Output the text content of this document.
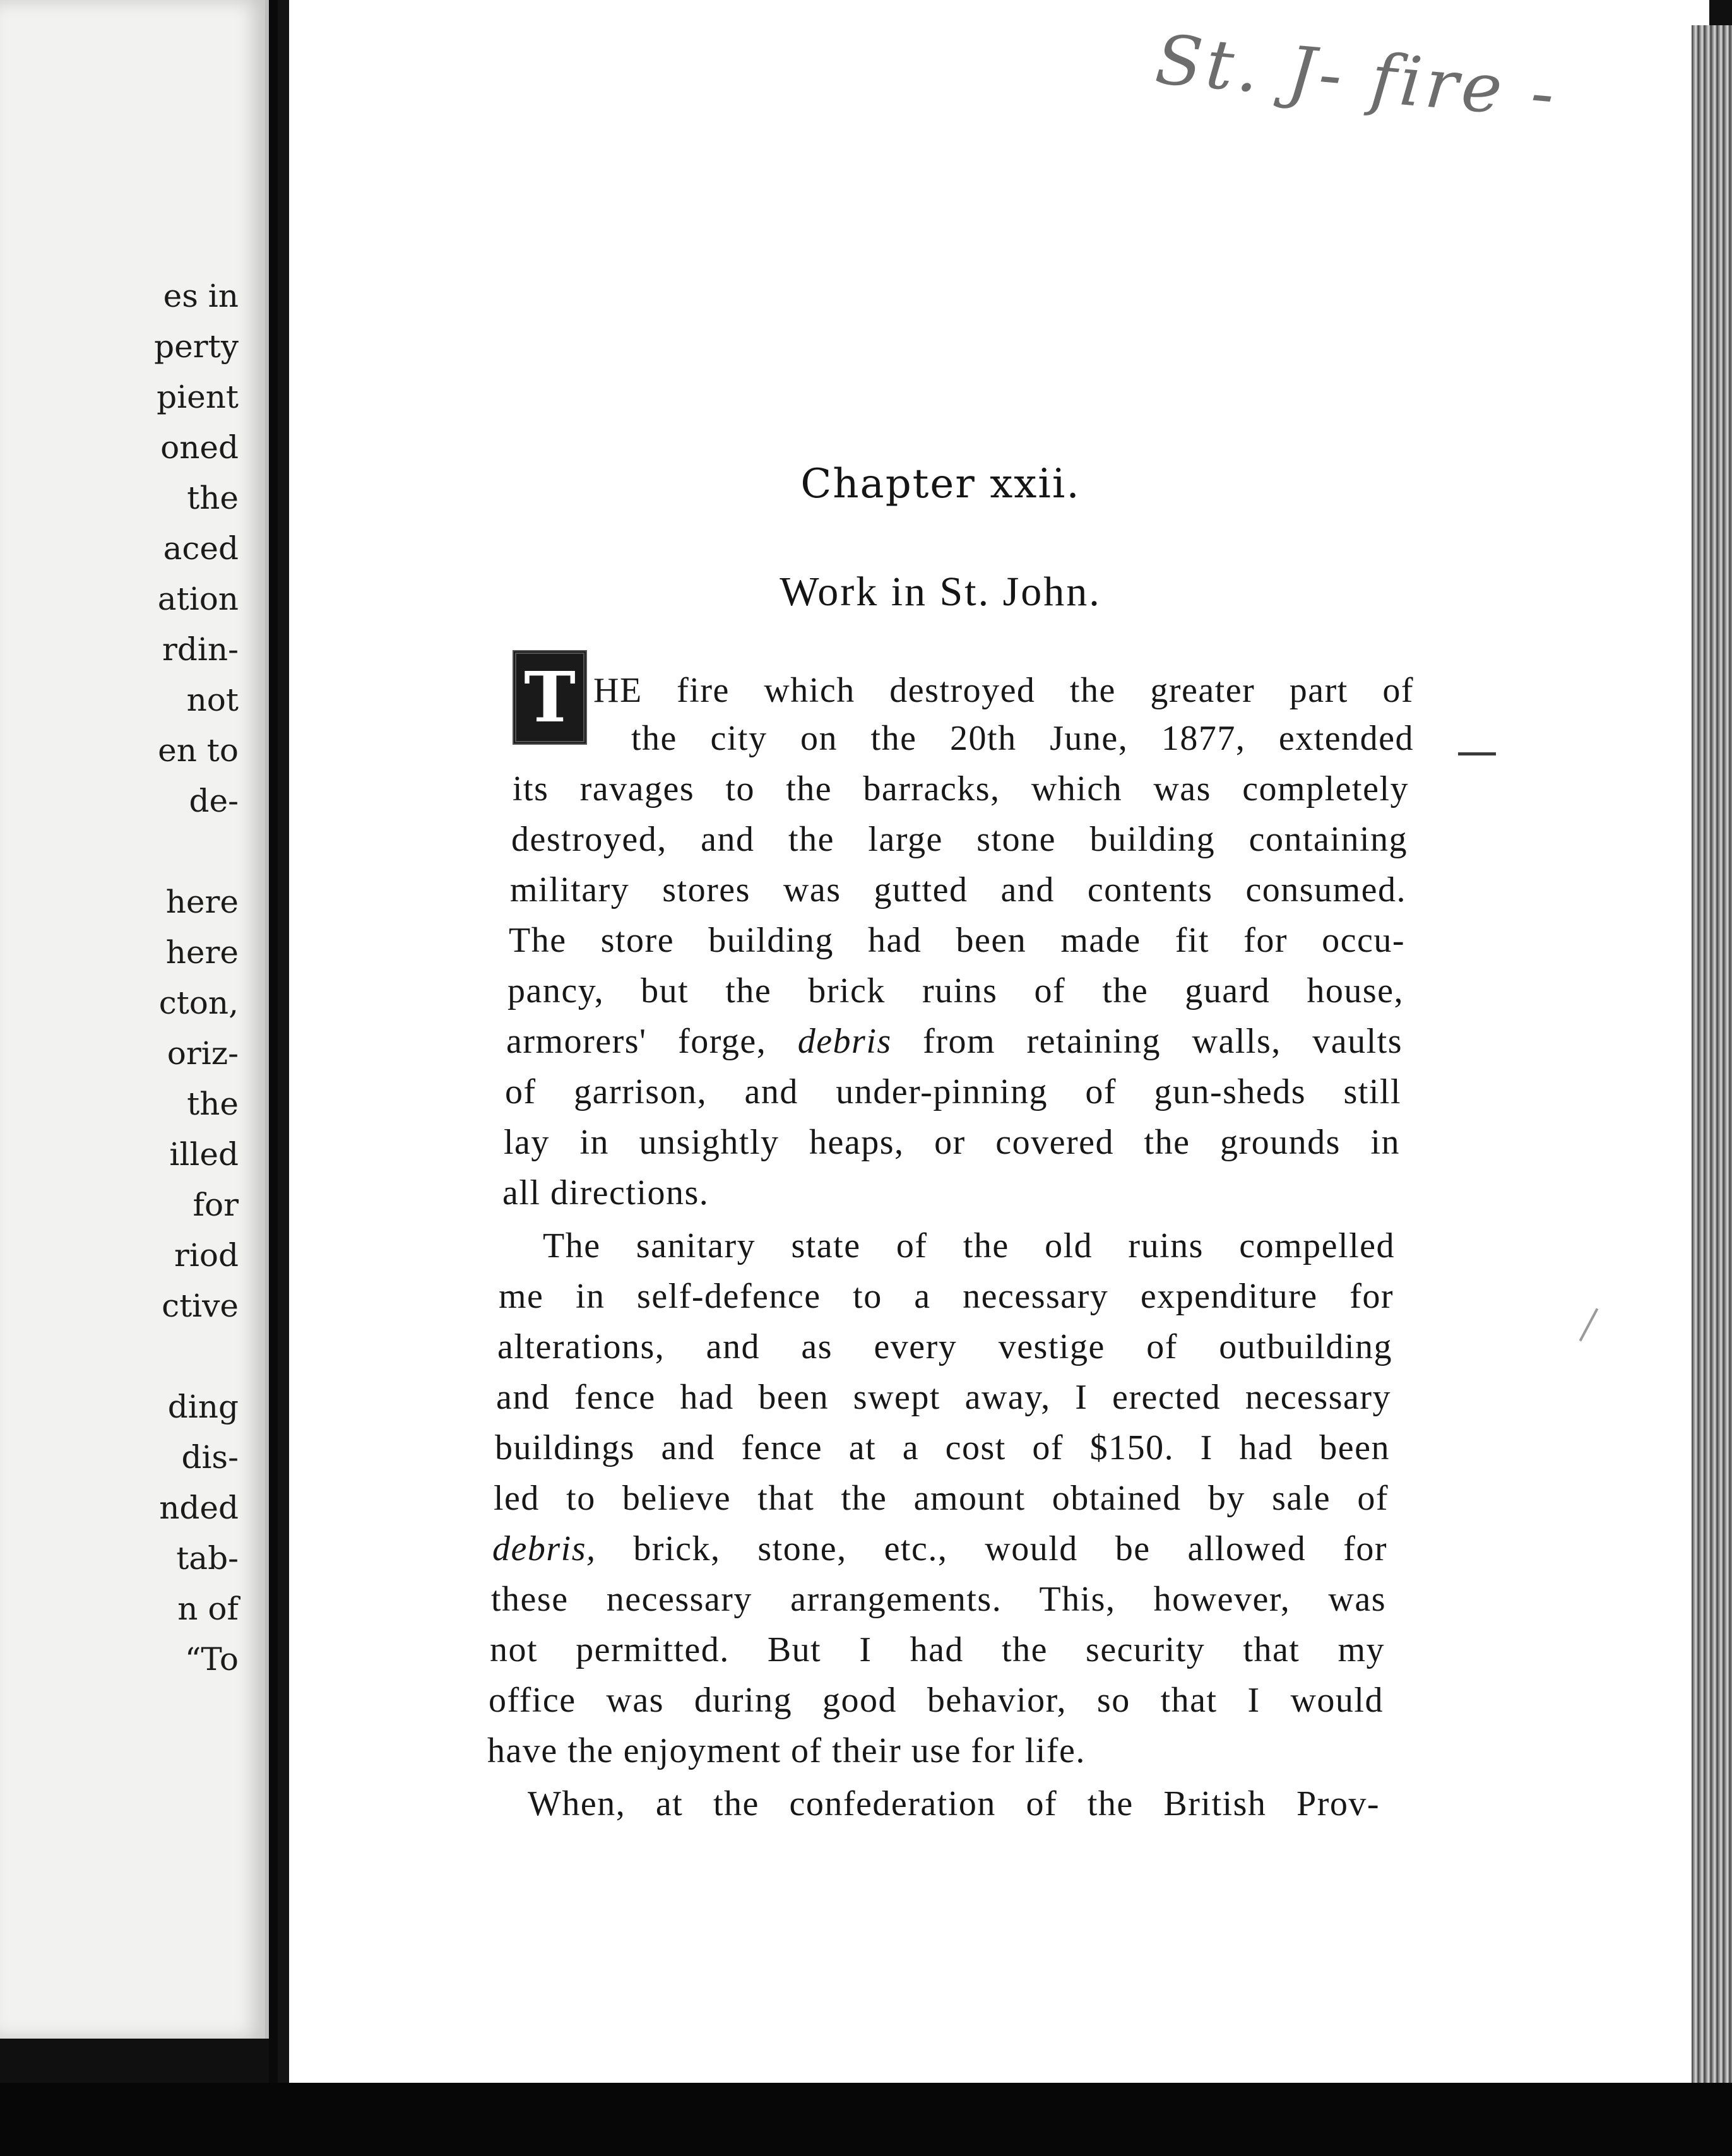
es in
perty
pient
oned
the
aced
ation
rdin-
not
en to
de-
here
here
cton,
oriz-
the
illed
for
riod
ctive
ding
dis-
nded
tab-
n of
“To
St. J- fire -
Chapter xxii.
Work in St. John.
T HE fire which destroyed the greater part of
the city on the 20th June, 1877, extended
its ravages to the barracks, which was completely
destroyed, and the large stone building containing
military stores was gutted and contents consumed.
The store building had been made fit for occu-
pancy, but the brick ruins of the guard house,
armorers' forge, debris from retaining walls, vaults
of garrison, and under-pinning of gun-sheds still
lay in unsightly heaps, or covered the grounds in
all directions.
The sanitary state of the old ruins compelled
me in self-defence to a necessary expenditure for
alterations, and as every vestige of outbuilding
and fence had been swept away, I erected necessary
buildings and fence at a cost of $150. I had been
led to believe that the amount obtained by sale of
debris, brick, stone, etc., would be allowed for
these necessary arrangements. This, however, was
not permitted. But I had the security that my
office was during good behavior, so that I would
have the enjoyment of their use for life.
When, at the confederation of the British Prov-
